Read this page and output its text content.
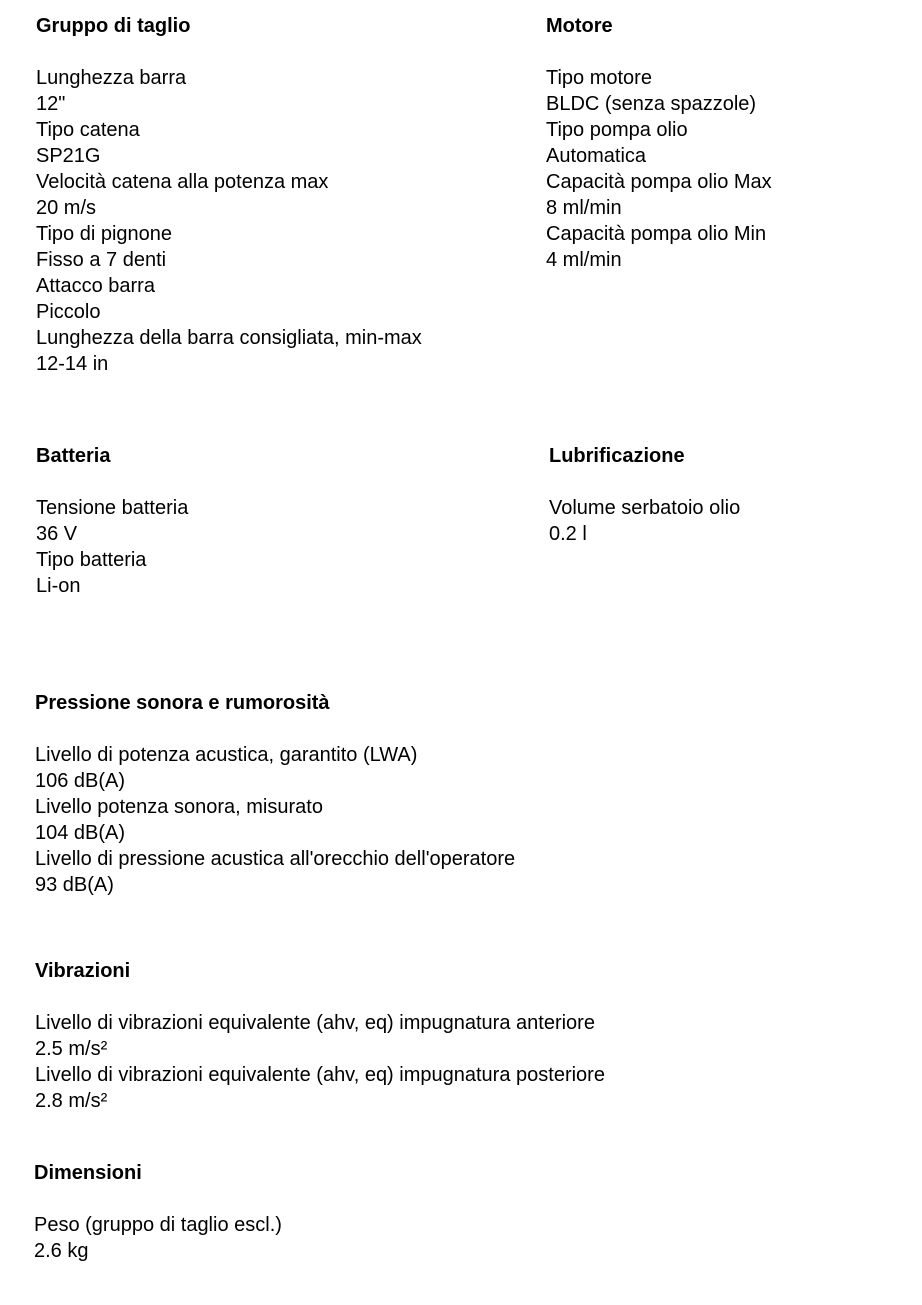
Gruppo di taglio
Lunghezza barra
12"
Tipo catena
SP21G
Velocità catena alla potenza max
20 m/s
Tipo di pignone
Fisso a 7 denti
Attacco barra
Piccolo
Lunghezza della barra consigliata, min-max
12-14 in
Motore
Tipo motore
BLDC (senza spazzole)
Tipo pompa olio
Automatica
Capacità pompa olio Max
8 ml/min
Capacità pompa olio Min
4 ml/min
Batteria
Tensione batteria
36 V
Tipo batteria
Li-on
Lubrificazione
Volume serbatoio olio
0.2 l
Pressione sonora e rumorosità
Livello di potenza acustica, garantito (LWA)
106 dB(A)
Livello potenza sonora, misurato
104 dB(A)
Livello di pressione acustica all'orecchio dell'operatore
93 dB(A)
Vibrazioni
Livello di vibrazioni equivalente (ahv, eq) impugnatura anteriore
2.5 m/s²
Livello di vibrazioni equivalente (ahv, eq) impugnatura posteriore
2.8 m/s²
Dimensioni
Peso (gruppo di taglio escl.)
2.6 kg
